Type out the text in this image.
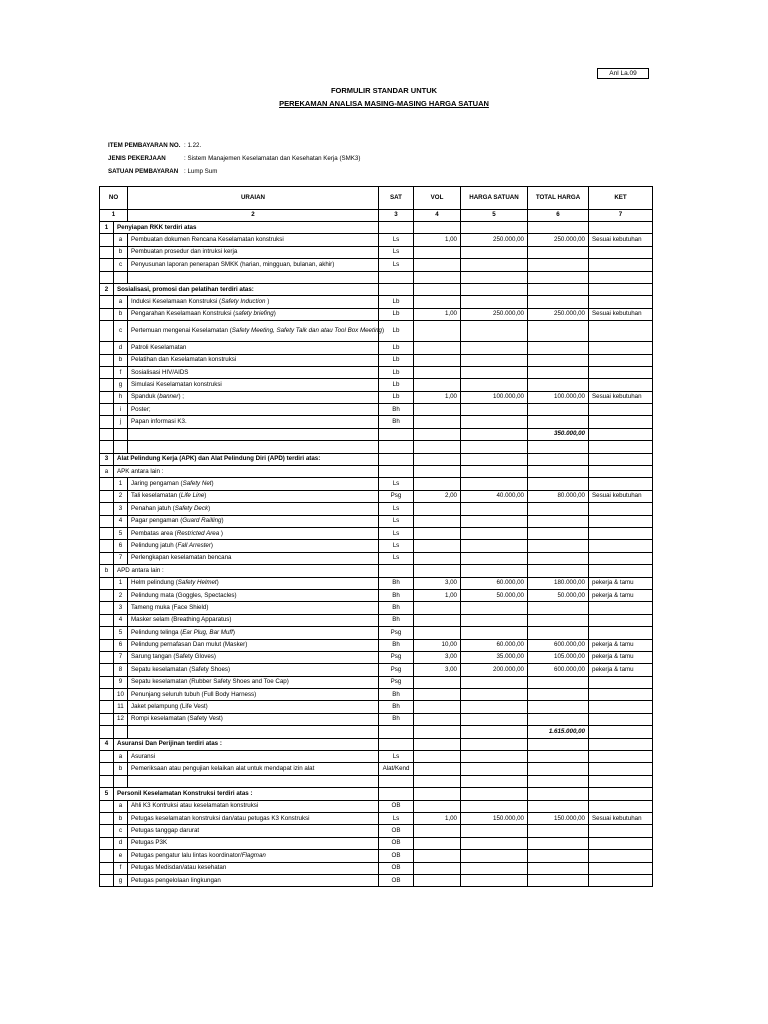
Anl La.09
FORMULIR STANDAR UNTUK
PEREKAMAN ANALISA MASING-MASING HARGA SATUAN
ITEM PEMBAYARAN NO. : 1.22.
JENIS PEKERJAAN	: Sistem Manajemen Keselamatan dan Kesehatan Kerja (SMK3)
SATUAN PEMBAYARAN : Lump Sum
NO		URAIAN	SAT	VOL	HARGA SATUAN	TOTAL HARGA	KET
1		2	3	4	5	6	7
1	Penyiapan RKK terdiri atas						
	a	Pembuatan dokumen Rencana Keselamatan konstruksi	Ls	1,00	250.000,00	250.000,00	Sesuai kebutuhan
	b	Pembuatan prosedur dan intruksi kerja	Ls				
	c	Penyusunan laporan penerapan SMKK (harian, mingguan, bulanan, akhir)	Ls				

2	Sosialisasi, promosi dan pelatihan terdiri atas:						
	a	Induksi Keselamaan Konstruksi (Safety Induction )	Lb				
	b	Pengarahan Keselamaan Konstruksi (safety briefing)	Lb	1,00	250.000,00	250.000,00	Sesuai kebutuhan
	c	Pertemuan mengenai Keselamatan (Safety Meeting, Safety Talk dan atau Tool Box Meeting)	Lb				
	d	Patroli Keselamatan	Lb				
	b	Pelatihan dan Keselamatan konstruksi	Lb				
	f	Sosialisasi HIV/AIDS	Lb				
	g	Simulasi Keselamatan konstruksi	Lb				
	h	Spanduk (banner) ;	Lb	1,00	100.000,00	100.000,00	Sesuai kebutuhan
	i	Poster;	Bh				
	j	Papan informasi K3.	Bh				
						350.000,00	

3	Alat Pelindung Kerja (APK) dan Alat Pelindung Diri (APD) terdiri atas:						
a	APK antara lain :						
	1	Jaring pengaman (Safety Net)	Ls				
	2	Tali keselamatan (Life Line)	Psg	2,00	40.000,00	80.000,00	Sesuai kebutuhan
	3	Penahan jatuh (Safety Deck)	Ls				
	4	Pagar pengaman (Guard Railling)	Ls				
	5	Pembatas area (Restricted Area )	Ls				
	6	Pelindung jatuh (Fall Arrester)	Ls				
	7	Perlengkapan keselamatan bencana	Ls				
b	APD antara lain :						
	1	Helm pelindung (Safety Helmet)	Bh	3,00	60.000,00	180.000,00	pekerja & tamu
	2	Pelindung mata (Goggles, Spectacles)	Bh	1,00	50.000,00	50.000,00	pekerja & tamu
	3	Tameng muka (Face Shield)	Bh				
	4	Masker selam (Breathing Apparatus)	Bh				
	5	Pelindung telinga (Ear Plug, Bar Muff)	Psg				
	6	Pelindung pernafasan Dan mulut (Masker)	Bh	10,00	60.000,00	600.000,00	pekerja & tamu
	7	Sarung tangan (Safety Gloves)	Psg	3,00	35.000,00	105.000,00	pekerja & tamu
	8	Sepatu keselamatan (Safety Shoes)	Psg	3,00	200.000,00	600.000,00	pekerja & tamu
	9	Sepatu keselamatan (Rubber Safety Shoes and Toe Cap)	Psg				
	10	Penunjang seluruh tubuh (Full Body Harness)	Bh				
	11	Jaket pelampung (Life Vest)	Bh				
	12	Rompi keselamatan (Safety Vest)	Bh				
						1.615.000,00	
4	Asuransi Dan Perijinan terdiri atas :						
	a	Asuransi	Ls				
	b	Pemeriksaan atau pengujian kelaikan alat untuk mendapat izin alat	Alat/Kend				

5	Personil Keselamatan Konstruksi terdiri atas :						
	a	Ahli K3 Kontruksi atau keselamatan konstruksi	OB				
	b	Petugas keselamatan konstruksi dan/atau petugas K3 Konstruksi	Ls	1,00	150.000,00	150.000,00	Sesuai kebutuhan
	c	Petugas tanggap darurat	OB				
	d	Petugas P3K	OB				
	e	Petugas pengatur lalu lintas koordinator/Flagman	OB				
	f	Petugas Medisdan/atau kesehatan	OB				
	g	Petugas pengelolaan lingkungan	OB				
